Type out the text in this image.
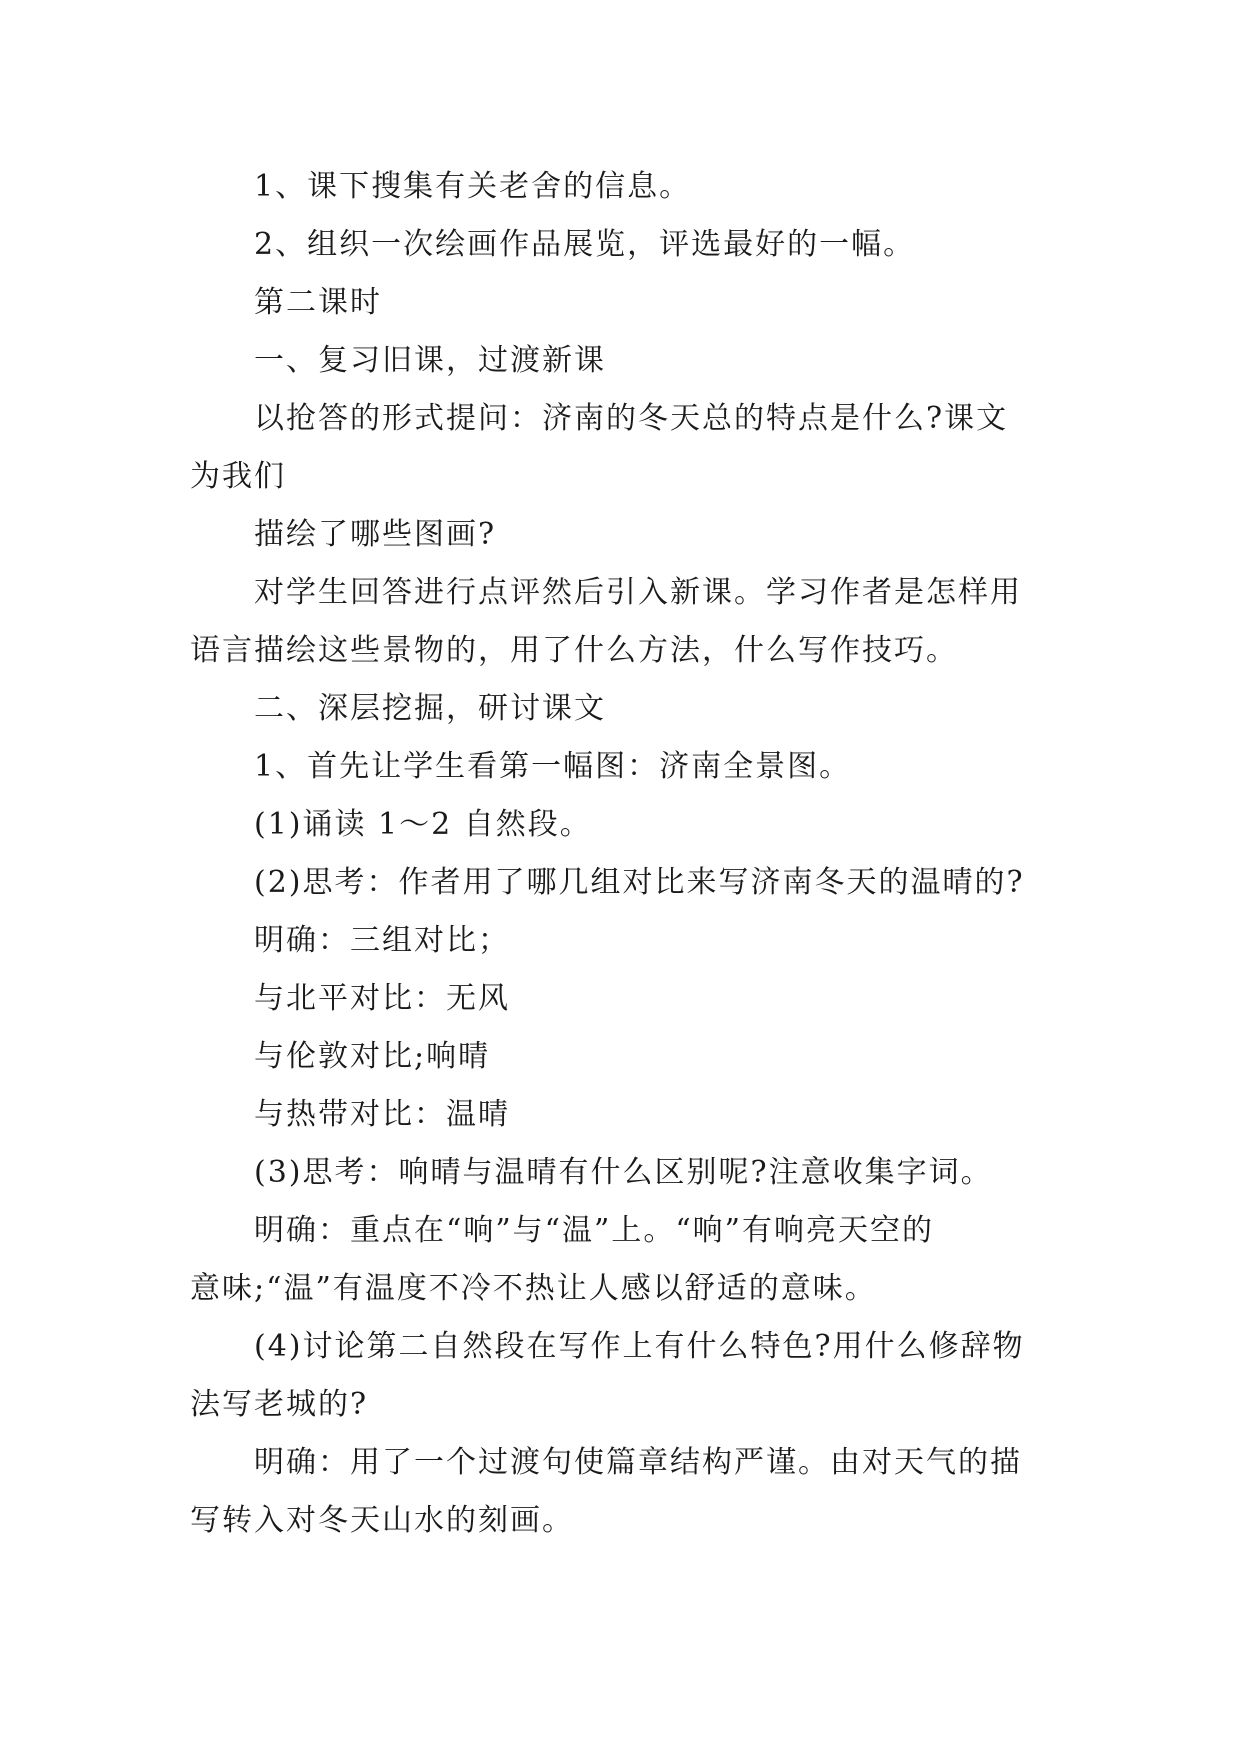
1、课下搜集有关老舍的信息。
2、组织一次绘画作品展览，评选最好的一幅。
第二课时
一、复习旧课，过渡新课
以抢答的形式提问：济南的冬天总的特点是什么?课文
为我们
描绘了哪些图画?
对学生回答进行点评然后引入新课。学习作者是怎样用
语言描绘这些景物的，用了什么方法，什么写作技巧。
二、深层挖掘，研讨课文
1、首先让学生看第一幅图：济南全景图。
(1)诵读 1～2 自然段。
(2)思考：作者用了哪几组对比来写济南冬天的温晴的?
明确：三组对比；
与北平对比：无风
与伦敦对比;响晴
与热带对比：温晴
(3)思考：响晴与温晴有什么区别呢?注意收集字词。
明确：重点在“响”与“温”上。“响”有响亮天空的
意味;“温”有温度不冷不热让人感以舒适的意味。
(4)讨论第二自然段在写作上有什么特色?用什么修辞物
法写老城的?
明确：用了一个过渡句使篇章结构严谨。由对天气的描
写转入对冬天山水的刻画。
